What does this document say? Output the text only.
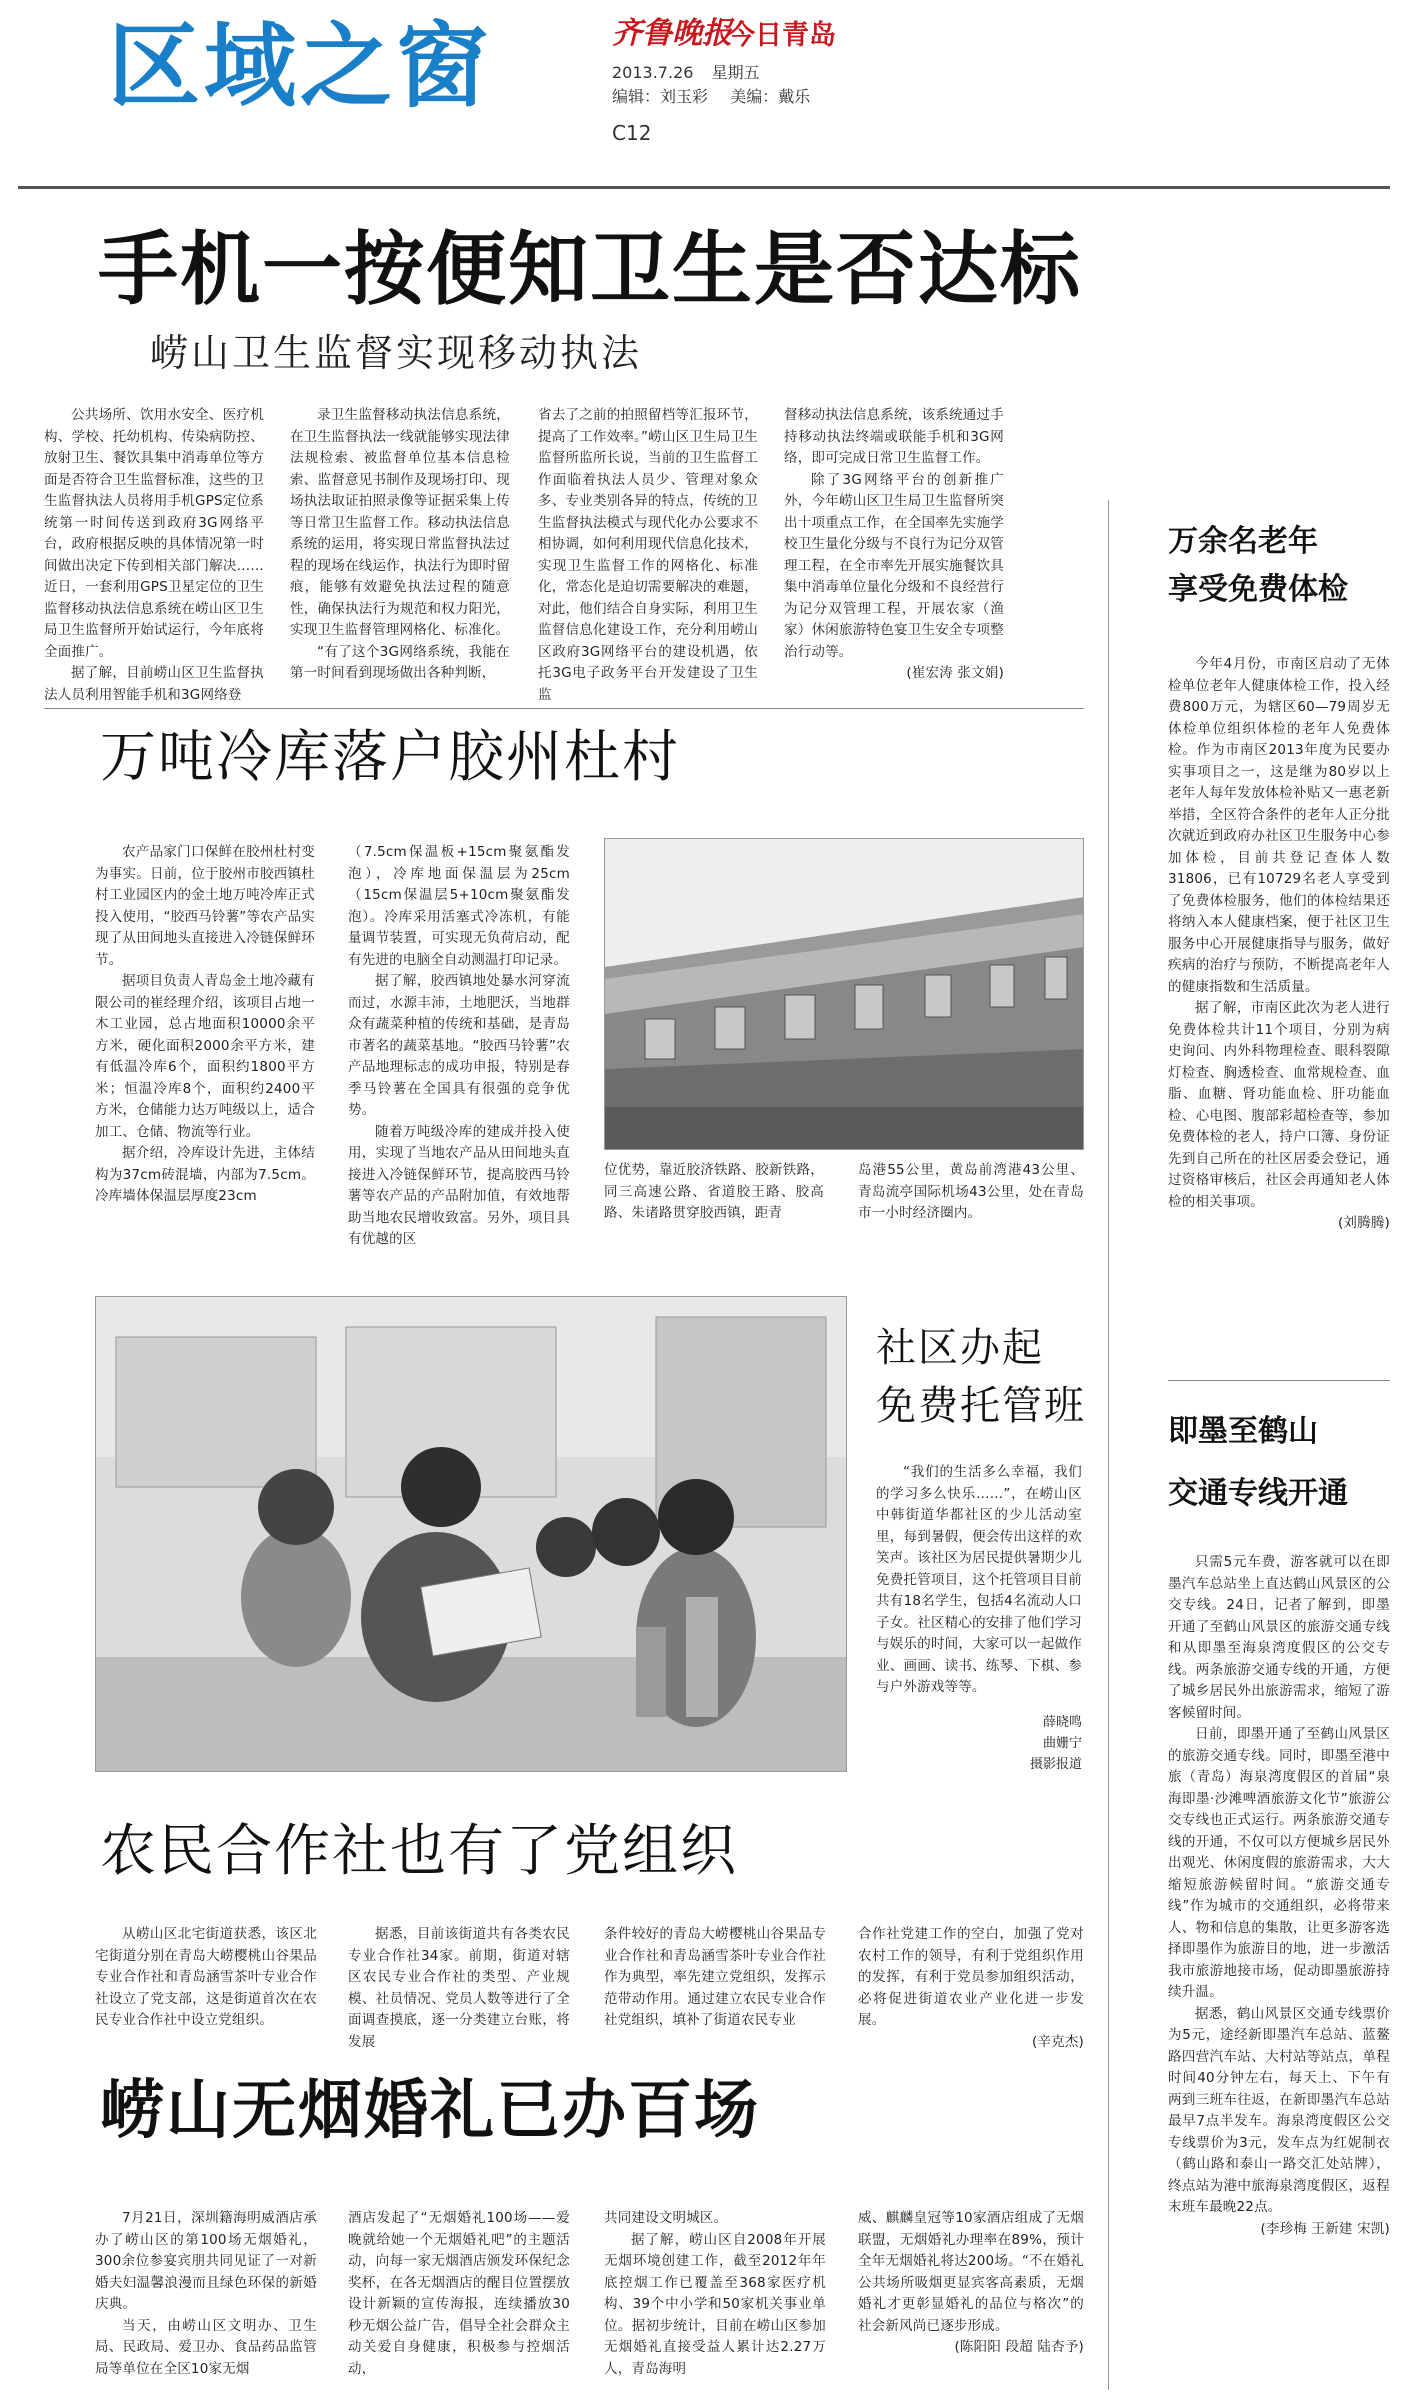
区域之窗	齐鲁晚报
今日青岛
2013.7.26 星期五
编辑：刘玉彩 美编：戴乐
C12
手机一按便知卫生是否达标
崂山卫生监督实现移动执法

公共场所、饮用水安全、医疗机构、学校、托幼机构、传染病防控、放射卫生、餐饮具集中消毒单位等方面是否符合卫生监督标准，这些的卫生监督执法人员将用手机GPS定位系统第一时间传送到政府3G网络平台，政府根据反映的具体情况第一时间做出决定下传到相关部门解决……近日，一套利用GPS卫星定位的卫生监督移动执法信息系统在崂山区卫生局卫生监督所开始试运行，今年底将全面推广。

据了解，目前崂山区卫生监督执法人员利用智能手机和3G网络登

录卫生监督移动执法信息系统，在卫生监督执法一线就能够实现法律法规检索、被监督单位基本信息检索、监督意见书制作及现场打印、现场执法取证拍照录像等证据采集上传等日常卫生监督工作。移动执法信息系统的运用，将实现日常监督执法过程的现场在线运作，执法行为即时留痕，能够有效避免执法过程的随意性，确保执法行为规范和权力阳光，实现卫生监督管理网格化、标准化。

“有了这个3G网络系统，我能在第一时间看到现场做出各种判断，

省去了之前的拍照留档等汇报环节，提高了工作效率。”崂山区卫生局卫生监督所监所长说，当前的卫生监督工作面临着执法人员少、管理对象众多、专业类别各异的特点，传统的卫生监督执法模式与现代化办公要求不相协调，如何利用现代信息化技术，实现卫生监督工作的网格化、标准化，常态化是迫切需要解决的难题，对此，他们结合自身实际，利用卫生监督信息化建设工作，充分利用崂山区政府3G网络平台的建设机遇，依托3G电子政务平台开发建设了卫生监

督移动执法信息系统，该系统通过手持移动执法终端或联能手机和3G网络，即可完成日常卫生监督工作。

除了3G网络平台的创新推广外，今年崂山区卫生局卫生监督所突出十项重点工作，在全国率先实施学校卫生量化分级与不良行为记分双管理工程，在全市率先开展实施餐饮具集中消毒单位量化分级和不良经营行为记分双管理工程，开展农家（渔家）休闲旅游特色宴卫生安全专项整治行动等。

(崔宏涛 张文娟)
万吨冷库落户胶州杜村

农产品家门口保鲜在胶州杜村变为事实。日前，位于胶州市胶西镇杜村工业园区内的金土地万吨冷库正式投入使用，“胶西马铃薯”等农产品实现了从田间地头直接进入冷链保鲜环节。

据项目负责人青岛金土地冷藏有限公司的崔经理介绍，该项目占地一木工业园，总占地面积10000余平方米，硬化面积2000余平方米，建有低温冷库6个，面积约1800平方米；恒温冷库8个，面积约2400平方米，仓储能力达万吨级以上，适合加工、仓储、物流等行业。

据介绍，冷库设计先进，主体结构为37cm砖混墙，内部为7.5cm。冷库墙体保温层厚度23cm

（7.5cm保温板+15cm聚氨酯发泡），冷库地面保温层为25cm（15cm保温层5+10cm聚氨酯发泡）。冷库采用活塞式冷冻机，有能量调节装置，可实现无负荷启动，配有先进的电脑全自动测温打印记录。

据了解，胶西镇地处暴水河穿流而过，水源丰沛，土地肥沃，当地群众有蔬菜种植的传统和基础，是青岛市著名的蔬菜基地。“胶西马铃薯”农产品地理标志的成功申报，特别是春季马铃薯在全国具有很强的竞争优势。

随着万吨级冷库的建成并投入使用，实现了当地农产品从田间地头直接进入冷链保鲜环节，提高胶西马铃薯等农产品的产品附加值，有效地帮助当地农民增收致富。另外，项目具有优越的区

位优势，靠近胶济铁路、胶新铁路，同三高速公路、省道胶王路、胶高路、朱诸路贯穿胶西镇，距青

岛港55公里，黄岛前湾港43公里、青岛流亭国际机场43公里，处在青岛市一小时经济圈内。

社区办起
免费托管班

“我们的生活多么幸福，我们的学习多么快乐……”，在崂山区中韩街道华都社区的少儿活动室里，每到暑假，便会传出这样的欢笑声。该社区为居民提供暑期少儿免费托管项目，这个托管项目目前共有18名学生，包括4名流动人口子女。社区精心的安排了他们学习与娱乐的时间，大家可以一起做作业、画画、读书、练琴、下棋、参与户外游戏等等。

薛晓鸣
曲姗宁
摄影报道
农民合作社也有了党组织

从崂山区北宅街道获悉，该区北宅街道分别在青岛大崂樱桃山谷果品专业合作社和青岛涵雪茶叶专业合作社设立了党支部，这是街道首次在农民专业合作社中设立党组织。

据悉，目前该街道共有各类农民专业合作社34家。前期，街道对辖区农民专业合作社的类型、产业规模、社员情况、党员人数等进行了全面调查摸底，逐一分类建立台账，将发展

条件较好的青岛大崂樱桃山谷果品专业合作社和青岛涵雪茶叶专业合作社作为典型，率先建立党组织，发挥示范带动作用。通过建立农民专业合作社党组织，填补了街道农民专业

合作社党建工作的空白，加强了党对农村工作的领导，有利于党组织作用的发挥，有利于党员参加组织活动，必将促进街道农业产业化进一步发展。

(辛克杰)
崂山无烟婚礼已办百场

7月21日，深圳籍海明威酒店承办了崂山区的第100场无烟婚礼，300余位参宴宾朋共同见证了一对新婚夫妇温馨浪漫而且绿色环保的新婚庆典。

当天，由崂山区文明办、卫生局、民政局、爱卫办、食品药品监管局等单位在全区10家无烟

酒店发起了“无烟婚礼100场——爱晚就给她一个无烟婚礼吧”的主题活动，向每一家无烟酒店颁发环保纪念奖杯，在各无烟酒店的醒目位置摆放设计新颖的宣传海报，连续播放30秒无烟公益广告，倡导全社会群众主动关爱自身健康，积极参与控烟活动，

共同建设文明城区。

据了解，崂山区自2008年开展无烟环境创建工作，截至2012年年底控烟工作已覆盖至368家医疗机构、39个中小学和50家机关事业单位。据初步统计，目前在崂山区参加无烟婚礼直接受益人累计达2.27万人，青岛海明

威、麒麟皇冠等10家酒店组成了无烟联盟，无烟婚礼办理率在89%，预计全年无烟婚礼将达200场。“不在婚礼公共场所吸烟更显宾客高素质，无烟婚礼才更彰显婚礼的品位与格次”的社会新风尚已逐步形成。

(陈阳阳 段超 陆杏予)
万余名老年
享受免费体检

今年4月份，市南区启动了无体检单位老年人健康体检工作，投入经费800万元，为辖区60—79周岁无体检单位组织体检的老年人免费体检。作为市南区2013年度为民要办实事项目之一，这是继为80岁以上老年人每年发放体检补贴又一惠老新举措，全区符合条件的老年人正分批次就近到政府办社区卫生服务中心参加体检，目前共登记查体人数31806，已有10729名老人享受到了免费体检服务，他们的体检结果还将纳入本人健康档案，便于社区卫生服务中心开展健康指导与服务，做好疾病的治疗与预防，不断提高老年人的健康指数和生活质量。

据了解，市南区此次为老人进行免费体检共计11个项目，分别为病史询问、内外科物理检查、眼科裂隙灯检查、胸透检查、血常规检查、血脂、血糖、肾功能血检、肝功能血检、心电图、腹部彩超检查等，参加免费体检的老人，持户口簿、身份证先到自己所在的社区居委会登记，通过资格审核后，社区会再通知老人体检的相关事项。

(刘腾腾)
即墨至鹤山
交通专线开通

只需5元车费，游客就可以在即墨汽车总站坐上直达鹤山风景区的公交专线。24日，记者了解到，即墨开通了至鹤山风景区的旅游交通专线和从即墨至海泉湾度假区的公交专线。两条旅游交通专线的开通，方便了城乡居民外出旅游需求，缩短了游客候留时间。

日前，即墨开通了至鹤山风景区的旅游交通专线。同时，即墨至港中旅（青岛）海泉湾度假区的首届“泉海即墨·沙滩啤酒旅游文化节”旅游公交专线也正式运行。两条旅游交通专线的开通，不仅可以方便城乡居民外出观光、休闲度假的旅游需求，大大缩短旅游候留时间。“旅游交通专线”作为城市的交通组织，必将带来人、物和信息的集散，让更多游客选择即墨作为旅游目的地，进一步激活我市旅游地接市场，促动即墨旅游持续升温。

据悉，鹤山风景区交通专线票价为5元，途经新即墨汽车总站、蓝鳌路四营汽车站、大村站等站点，单程时间40分钟左右，每天上、下午有两到三班车往返，在新即墨汽车总站最早7点半发车。海泉湾度假区公交专线票价为3元，发车点为红妮制衣（鹤山路和泰山一路交汇处站牌），终点站为港中旅海泉湾度假区，返程末班车最晚22点。

(李珍梅 王新建 宋凯)
